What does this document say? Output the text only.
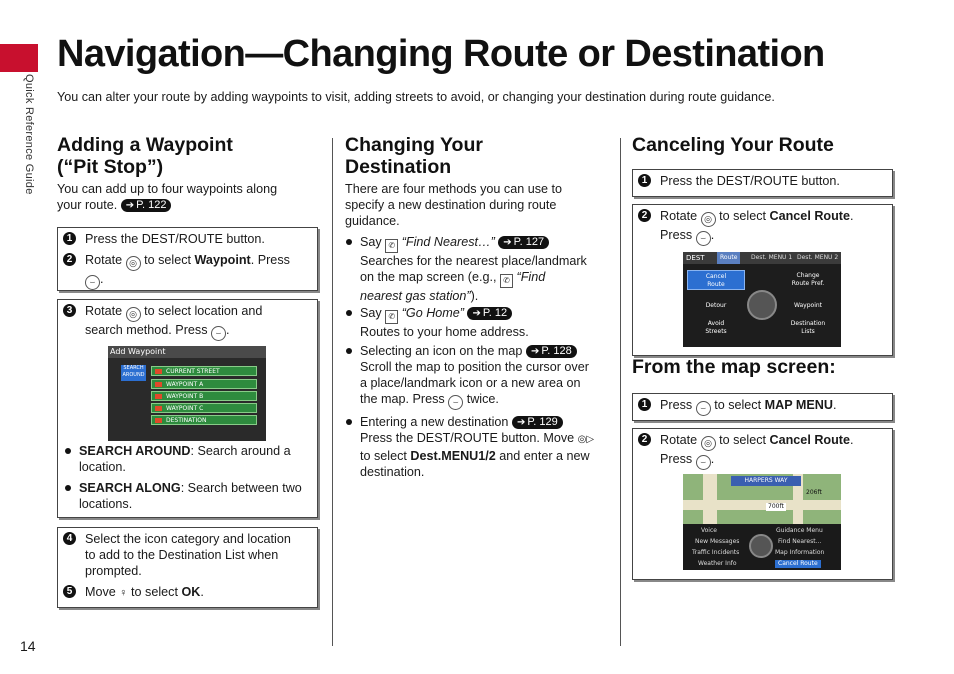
Quick Reference Guide
Navigation—Changing Route or Destination
You can alter your route by adding waypoints to visit, adding streets to avoid, or changing your destination during route guidance.
Adding a Waypoint
(“Pit Stop”)
You can add up to four waypoints along
your route. ➔ P. 122
1 Press the DEST/ROUTE button.
2 Rotate ◎ to select Waypoint. Press
⌣ .
3 Rotate ◎ to select location and
search method. Press ⌣ .
Add Waypoint
SEARCH
AROUND	CURRENT STREET
WAYPOINT A
WAYPOINT B
WAYPOINT C
DESTINATION
SEARCH AROUND: Search around a
location.
SEARCH ALONG: Search between two
locations.
4 Select the icon category and location
to add to the Destination List when
prompted.
5 Move ♀ to select OK.
Changing Your
Destination
There are four methods you can use to
specify a new destination during route
guidance.
Say ✆ “Find Nearest…” ➔ P. 127
Searches for the nearest place/landmark
on the map screen (e.g., ✆ “Find
nearest gas station”).
Say ✆ “Go Home” ➔ P. 12
Routes to your home address.
Selecting an icon on the map ➔ P. 128
Scroll the map to position the cursor over
a place/landmark icon or a new area on
the map. Press ⌣ twice.
Entering a new destination ➔ P. 129
Press the DEST/ROUTE button. Move ◎▷
to select Dest.MENU1/2 and enter a new
destination.
Canceling Your Route
1 Press the DEST/ROUTE button.
2 Rotate ◎ to select Cancel Route.
Press ⌣ .
DEST	Route	Dest. MENU 1 Dest. MENU 2
Cancel
Route
Change
Route Pref.
Detour	Waypoint
Avoid
Streets
Destination
Lists
From the map screen:
1 Press ⌣ to select MAP MENU.
2 Rotate ◎ to select Cancel Route.
Press ⌣ .
HARPERS WAY
206ft
700ft
Voice
New Messages
Traffic Incidents
Weather Info
Guidance Menu
Find Nearest...
Map Information
Cancel Route
14
